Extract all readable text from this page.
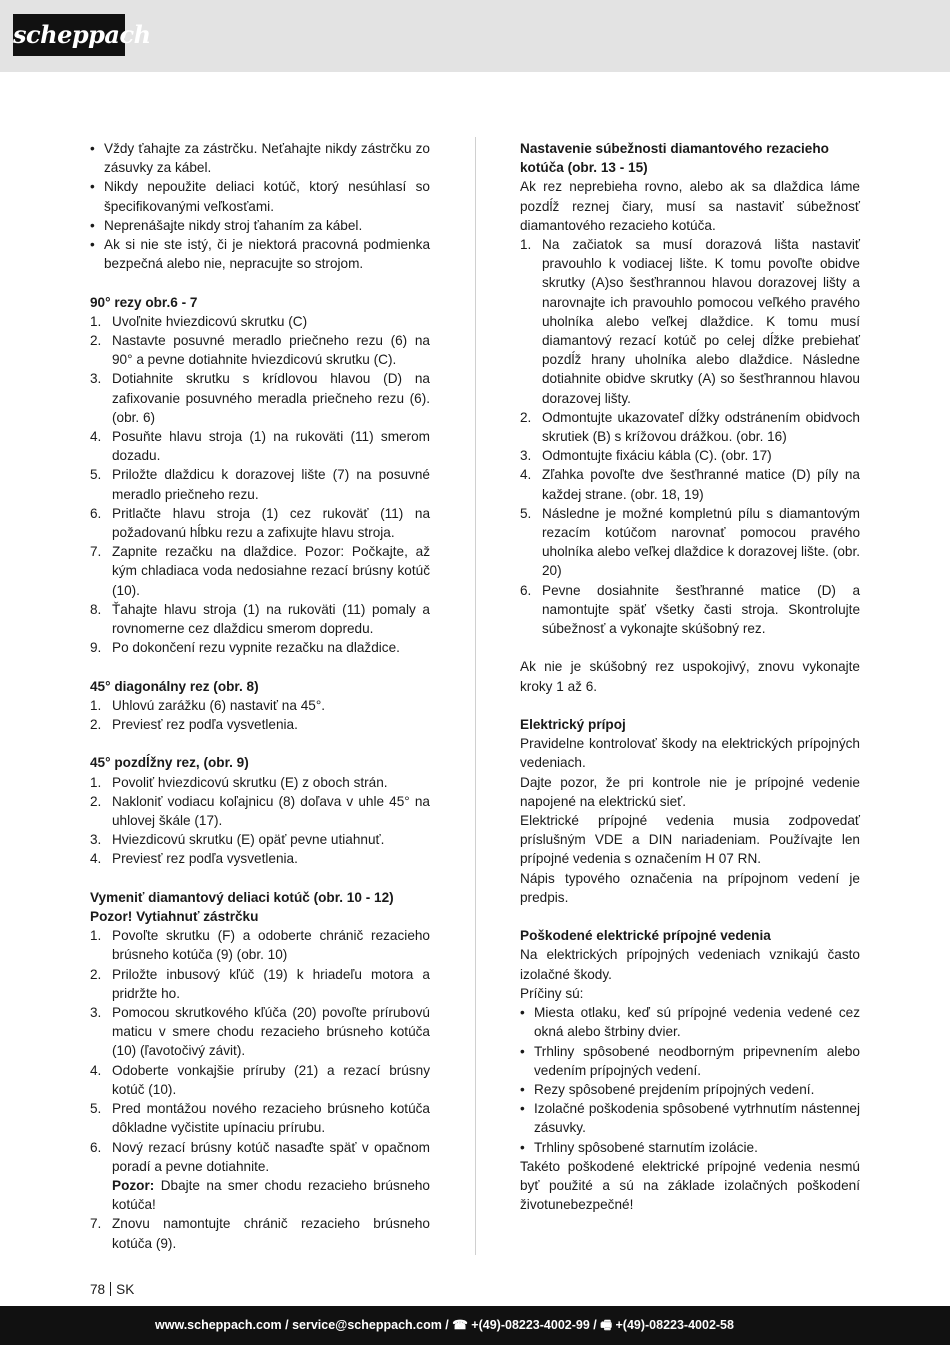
scheppach
• Vždy ťahajte za zástrčku. Neťahajte nikdy zástrčku zo zásuvky za kábel.
• Nikdy nepoužite deliaci kotúč, ktorý nesúhlasí so špecifikovanými veľkosťami.
• Neprenášajte nikdy stroj ťahaním za kábel.
• Ak si nie ste istý, či je niektorá pracovná podmienka bezpečná alebo nie, nepracujte so strojom.
90° rezy obr.6 - 7
1. Uvoľnite hviezdicovú skrutku (C)
2. Nastavte posuvné meradlo priečneho rezu (6) na 90° a pevne dotiahnite hviezdicovú skrutku (C).
3. Dotiahnite skrutku s krídlovou hlavou (D) na zafixovanie posuvného meradla priečneho rezu (6). (obr. 6)
4. Posuňte hlavu stroja (1) na rukoväti (11) smerom dozadu.
5. Priložte dlaždicu k dorazovej lište (7) na posuvné meradlo priečneho rezu.
6. Pritlačte hlavu stroja (1) cez rukoväť (11) na požadovanú hĺbku rezu a zafixujte hlavu stroja.
7. Zapnite rezačku na dlaždice. Pozor: Počkajte, až kým chladiaca voda nedosiahne rezací brúsny kotúč (10).
8. Ťahajte hlavu stroja (1) na rukoväti (11) pomaly a rovnomerne cez dlaždicu smerom dopredu.
9. Po dokončení rezu vypnite rezačku na dlaždice.
45° diagonálny rez (obr. 8)
1. Uhlovú zarážku (6) nastaviť na 45°.
2. Previesť rez podľa vysvetlenia.
45° pozdĺžny rez, (obr. 9)
1. Povoliť hviezdicovú skrutku (E) z oboch strán.
2. Nakloniť vodiacu koľajnicu (8) doľava v uhle 45° na uhlovej škále (17).
3. Hviezdicovú skrutku (E) opäť pevne utiahnuť.
4. Previesť rez podľa vysvetlenia.
Vymeniť diamantový deliaci kotúč (obr. 10 - 12)
Pozor! Vytiahnuť zástrčku
1. Povoľte skrutku (F) a odoberte chránič rezacieho brúsneho kotúča (9) (obr. 10)
2. Priložte inbusový kľúč (19) k hriadeľu motora a pridržte ho.
3. Pomocou skrutkového kľúča (20) povoľte prírubovú maticu v smere chodu rezacieho brúsneho kotúča (10) (ľavotočivý závit).
4. Odoberte vonkajšie príruby (21) a rezací brúsny kotúč (10).
5. Pred montážou nového rezacieho brúsneho kotúča dôkladne vyčistite upínaciu prírubu.
6. Nový rezací brúsny kotúč nasaďte späť v opačnom poradí a pevne dotiahnite.
Pozor: Dbajte na smer chodu rezacieho brúsneho kotúča!
7. Znovu namontujte chránič rezacieho brúsneho kotúča (9).
Nastavenie súbežnosti diamantového rezacieho kotúča (obr. 13 - 15)

Ak rez neprebieha rovno, alebo ak sa dlaždica láme pozdĺž reznej čiary, musí sa nastaviť súbežnosť diamantového rezacieho kotúča.

1. Na začiatok sa musí dorazová lišta nastaviť pravouhlo k vodiacej lište. K tomu povoľte obidve skrutky (A)so šesťhrannou hlavou dorazovej lišty a narovnajte ich pravouhlo pomocou veľkého pravého uholníka alebo veľkej dlaždice. K tomu musí diamantový rezací kotúč po celej dĺžke prebiehať pozdĺž hrany uholníka alebo dlaždice. Následne dotiahnite obidve skrutky (A) so šesťhrannou hlavou dorazovej lišty.
2. Odmontujte ukazovateľ dĺžky odstránením obidvoch skrutiek (B) s krížovou drážkou. (obr. 16)
3. Odmontujte fixáciu kábla (C). (obr. 17)
4. Zľahka povoľte dve šesťhranné matice (D) píly na každej strane. (obr. 18, 19)
5. Následne je možné kompletnú pílu s diamantovým rezacím kotúčom narovnať pomocou pravého uholníka alebo veľkej dlaždice k dorazovej lište. (obr. 20)
6. Pevne dosiahnite šesťhranné matice (D) a namontujte späť všetky časti stroja. Skontrolujte súbežnosť a vykonajte skúšobný rez.

Ak nie je skúšobný rez uspokojivý, znovu vykonajte kroky 1 až 6.

Elektrický prípoj

Pravidelne kontrolovať škody na elektrických prípojných vedeniach.

Dajte pozor, že pri kontrole nie je prípojné vedenie napojené na elektrickú sieť.

Elektrické prípojné vedenia musia zodpovedať príslušným VDE a DIN nariadeniam. Používajte len prípojné vedenia s označením H 07 RN.

Nápis typového označenia na prípojnom vedení je predpis.

Poškodené elektrické prípojné vedenia

Na elektrických prípojných vedeniach vznikajú často izolačné škody.

Príčiny sú:

• Miesta otlaku, keď sú prípojné vedenia vedené cez okná alebo štrbiny dvier.
• Trhliny spôsobené neodborným pripevnením alebo vedením prípojných vedení.
• Rezy spôsobené prejdením prípojných vedení.
• Izolačné poškodenia spôsobené vytrhnutím nástennej zásuvky.
• Trhliny spôsobené starnutím izolácie.

Takéto poškodené elektrické prípojné vedenia nesmú byť použité a sú na základe izolačných poškodení životunebezpečné!

78 SK
www.scheppach.com / service@scheppach.com / ☎ +(49)-08223-4002-99 / 🖷 +(49)-08223-4002-58
